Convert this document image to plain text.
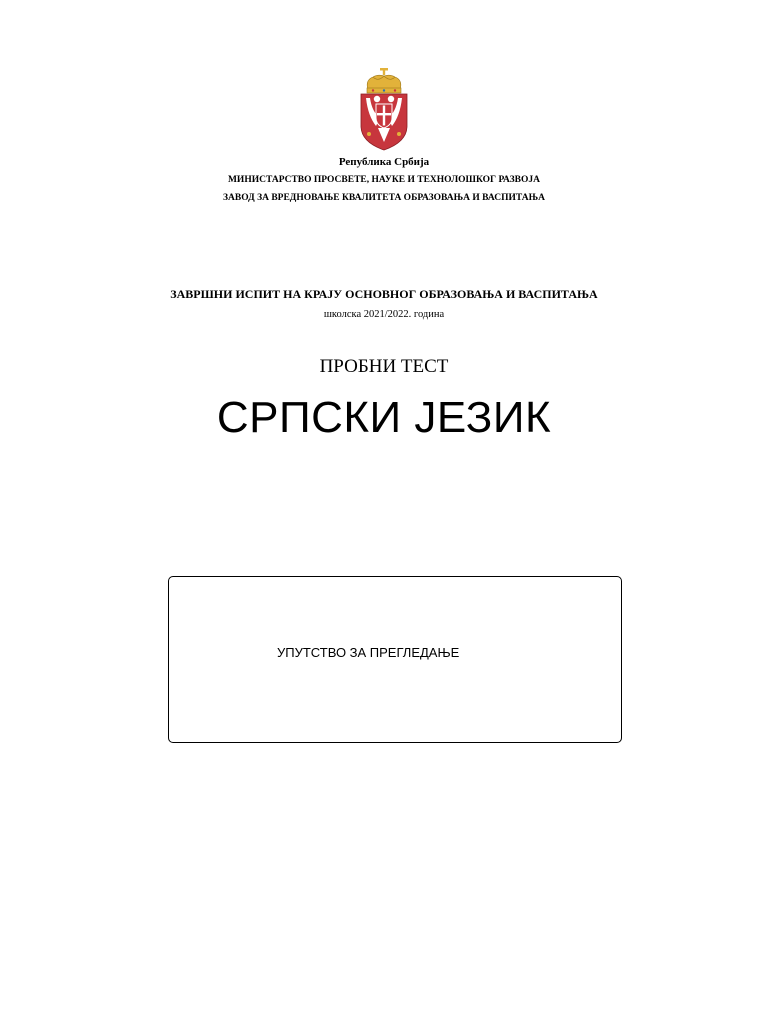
Република Србија
МИНИСТАРСТВО ПРОСВЕТЕ, НАУКЕ И ТЕХНОЛОШКОГ РАЗВОЈА
ЗАВОД ЗА ВРЕДНОВАЊЕ КВАЛИТЕТА ОБРАЗОВАЊА И ВАСПИТАЊА
ЗАВРШНИ ИСПИТ НА КРАЈУ ОСНОВНОГ ОБРАЗОВАЊА И ВАСПИТАЊА
школска 2021/2022. година
ПРОБНИ ТЕСТ
СРПСКИ ЈЕЗИК
УПУТСТВО ЗА ПРЕГЛЕДАЊЕ
